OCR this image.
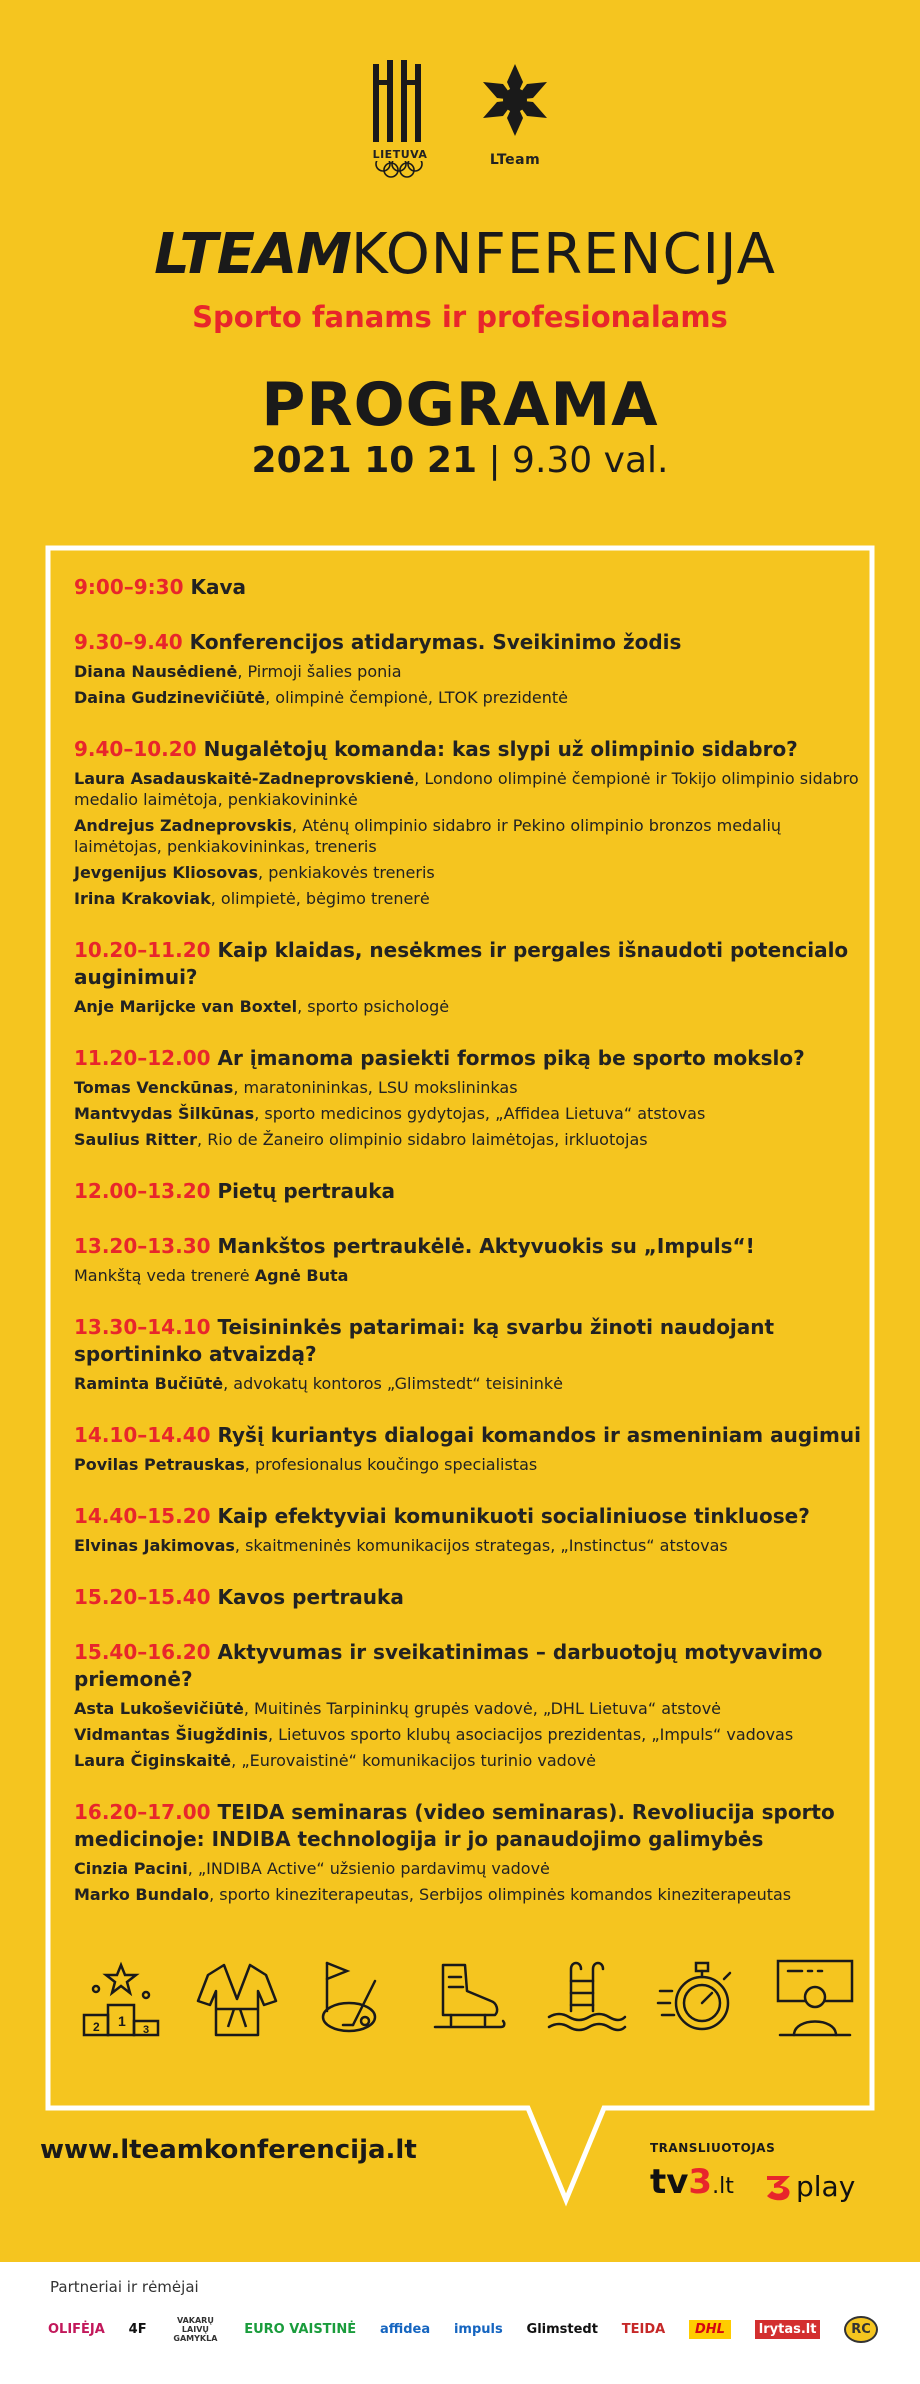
LIETUVA	LTeam
LTEAM KONFERENCIJA
Sporto fanams ir profesionalams
PROGRAMA
2021 10 21 | 9.30 val.
9:00–9:30 Kava
9.30–9.40 Konferencijos atidarymas. Sveikinimo žodis
Diana Nausėdienė, Pirmoji šalies ponia
Daina Gudzinevičiūtė, olimpinė čempionė, LTOK prezidentė
9.40–10.20 Nugalėtojų komanda: kas slypi už olimpinio sidabro?
Laura Asadauskaitė-Zadneprovskienė, Londono olimpinė čempionė ir Tokijo olimpinio sidabro medalio laimėtoja, penkiakovininkė
Andrejus Zadneprovskis, Atėnų olimpinio sidabro ir Pekino olimpinio bronzos medalių laimėtojas, penkiakovininkas, treneris
Jevgenijus Kliosovas, penkiakovės treneris
Irina Krakoviak, olimpietė, bėgimo trenerė
10.20–11.20 Kaip klaidas, nesėkmes ir pergales išnaudoti potencialo auginimui?
Anje Marijcke van Boxtel, sporto psichologė
11.20–12.00 Ar įmanoma pasiekti formos piką be sporto mokslo?
Tomas Venckūnas, maratonininkas, LSU mokslininkas
Mantvydas Šilkūnas, sporto medicinos gydytojas, „Affidea Lietuva“ atstovas
Saulius Ritter, Rio de Žaneiro olimpinio sidabro laimėtojas, irkluotojas
12.00–13.20 Pietų pertrauka
13.20–13.30 Mankštos pertraukėlė. Aktyvuokis su „Impuls“!
Mankštą veda trenerė Agnė Buta
13.30–14.10 Teisininkės patarimai: ką svarbu žinoti naudojant sportininko atvaizdą?
Raminta Bučiūtė, advokatų kontoros „Glimstedt“ teisininkė
14.10–14.40 Ryšį kuriantys dialogai komandos ir asmeniniam augimui
Povilas Petrauskas, profesionalus koučingo specialistas
14.40–15.20 Kaip efektyviai komunikuoti socialiniuose tinkluose?
Elvinas Jakimovas, skaitmeninės komunikacijos strategas, „Instinctus“ atstovas
15.20–15.40 Kavos pertrauka
15.40–16.20 Aktyvumas ir sveikatinimas – darbuotojų motyvavimo priemonė?
Asta Lukoševičiūtė, Muitinės Tarpininkų grupės vadovė, „DHL Lietuva“ atstovė
Vidmantas Šiugždinis, Lietuvos sporto klubų asociacijos prezidentas, „Impuls“ vadovas
Laura Čiginskaitė, „Eurovaistinė“ komunikacijos turinio vadovė
16.20–17.00 TEIDA seminaras (video seminaras). Revoliucija sporto medicinoje: INDIBA technologija ir jo panaudojimo galimybės
Cinzia Pacini, „INDIBA Active“ užsienio pardavimų vadovė
Marko Bundalo, sporto kineziterapeutas, Serbijos olimpinės komandos kineziterapeutas
1
2	3
www.lteamkonferencija.lt	TRANSLIUOTOJAS
tv3.lt play
Partneriai ir rėmėjai
OLIFĖJA 4F
VAKARŲ LAIVŲ GAMYKLA
EURO VAISTINĖ affidea impuls Glimstedt TEIDA	DHL	lrytas.lt	RC
